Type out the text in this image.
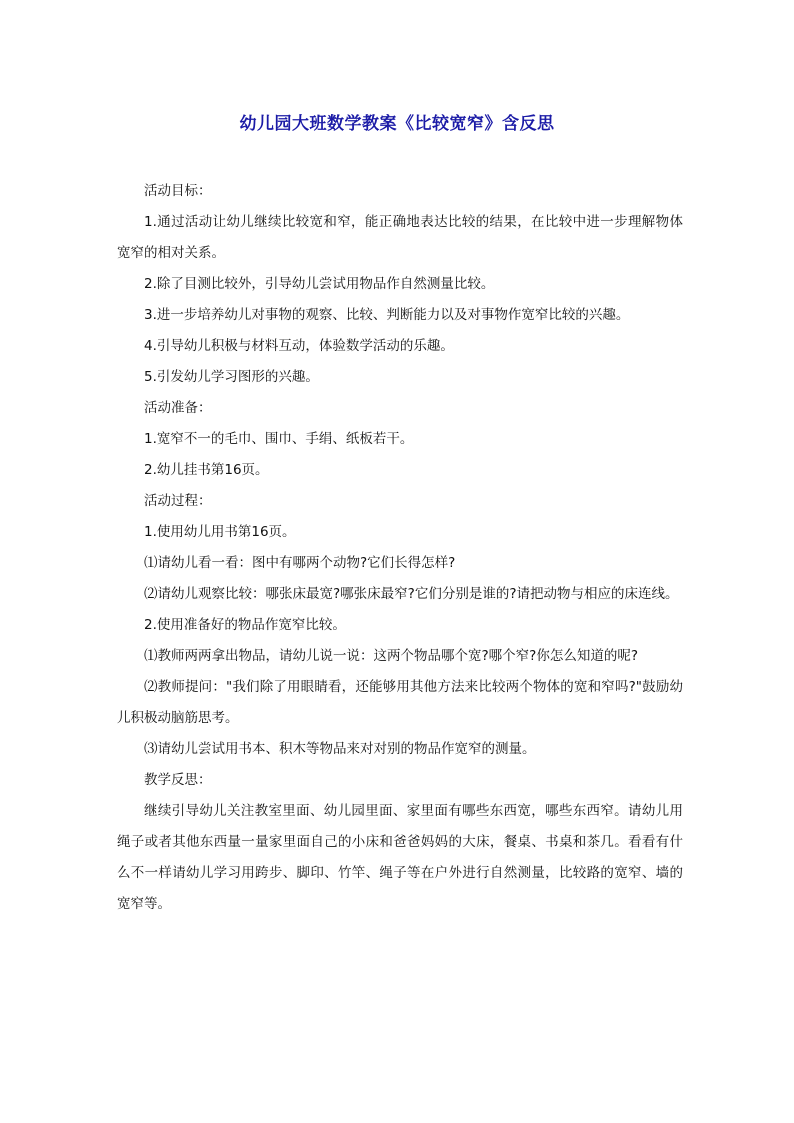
幼儿园大班数学教案《比较宽窄》含反思

活动目标：

1.通过活动让幼儿继续比较宽和窄，能正确地表达比较的结果，在比较中进一步理解物体宽窄的相对关系。

2.除了目测比较外，引导幼儿尝试用物品作自然测量比较。

3.进一步培养幼儿对事物的观察、比较、判断能力以及对事物作宽窄比较的兴趣。

4.引导幼儿积极与材料互动，体验数学活动的乐趣。

5.引发幼儿学习图形的兴趣。

活动准备：

1.宽窄不一的毛巾、围巾、手绢、纸板若干。

2.幼儿挂书第16页。

活动过程：

1.使用幼儿用书第16页。

⑴请幼儿看一看：图中有哪两个动物?它们长得怎样?

⑵请幼儿观察比较：哪张床最宽?哪张床最窄?它们分别是谁的?请把动物与相应的床连线。

2.使用准备好的物品作宽窄比较。

⑴教师两两拿出物品，请幼儿说一说：这两个物品哪个宽?哪个窄?你怎么知道的呢?

⑵教师提问："我们除了用眼睛看，还能够用其他方法来比较两个物体的宽和窄吗?"鼓励幼儿积极动脑筋思考。

⑶请幼儿尝试用书本、积木等物品来对对别的物品作宽窄的测量。

教学反思：

继续引导幼儿关注教室里面、幼儿园里面、家里面有哪些东西宽，哪些东西窄。请幼儿用绳子或者其他东西量一量家里面自己的小床和爸爸妈妈的大床，餐桌、书桌和茶几。看看有什么不一样请幼儿学习用跨步、脚印、竹竿、绳子等在户外进行自然测量，比较路的宽窄、墙的宽窄等。
